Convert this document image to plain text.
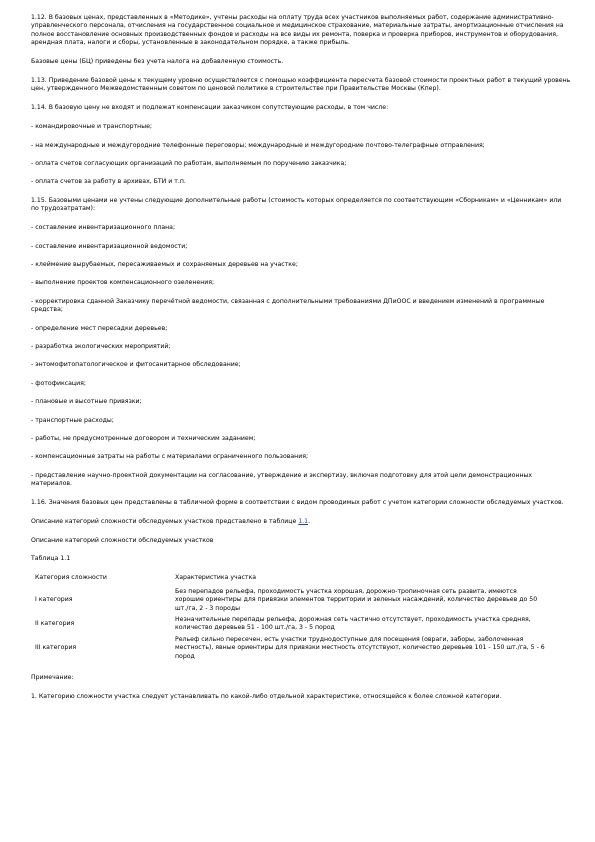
1.12. В базовых ценах, представленных в «Методике», учтены расходы на оплату труда всех участников выполняемых работ, содержание административно-управленческого персонала, отчисления на государственное социальное и медицинское страхование, материальные затраты, амортизационные отчисления на полное восстановление основных производственных фондов и расходы на все виды их ремонта, поверка и проверка приборов, инструментов и оборудования, арендная плата, налоги и сборы, установленные в законодательном порядке, а также прибыль.

Базовые цены (БЦ) приведены без учета налога на добавленную стоимость.

1.13. Приведение базовой цены к текущему уровню осуществляется с помощью коэффициента пересчета базовой стоимости проектных работ в текущий уровень цен, утвержденного Межведомственным советом по ценовой политике в строительстве при Правительстве Москвы (Кпер).

1.14. В базовую цену не входят и подлежат компенсации заказчиком сопутствующие расходы, в том числе:

- командировочные и транспортные;

- на международные и междугородние телефонные переговоры; международные и междугородние почтово-телеграфные отправления;

- оплата счетов согласующих организаций по работам, выполняемым по поручению заказчика;

- оплата счетов за работу в архивах, БТИ и т.п.

1.15. Базовыми ценами не учтены следующие дополнительные работы (стоимость которых определяется по соответствующим «Сборникам» и «Ценникам» или по трудозатратам):

- составление инвентаризационного плана;

- составление инвентаризационной ведомости;

- клеймение вырубаемых, пересаживаемых и сохраняемых деревьев на участке;

- выполнение проектов компенсационного озеленения;

- корректировка сданной Заказчику перечётной ведомости, связанная с дополнительными требованиями ДПиООС и введением изменений в программные средства;

- определение мест пересадки деревьев;

- разработка экологических мероприятий;

- энтомофитопатологическое и фитосанитарное обследование;

- фотофиксация;

- плановые и высотные привязки;

- транспортные расходы;

- работы, не предусмотренные договором и техническим заданием;

- компенсационные затраты на работы с материалами ограниченного пользования;

- представление научно-проектной документации на согласование, утверждение и экспертизу, включая подготовку для этой цели демонстрационных материалов.

1.16. Значения базовых цен представлены в табличной форме в соответствии с видом проводимых работ с учетом категории сложности обследуемых участков.

Описание категорий сложности обследуемых участков представлено в таблице 1.1.

Описание категорий сложности обследуемых участков

Таблица 1.1

Категория сложности	Характеристика участка
I категория	Без перепадов рельефа, проходимость участка хорошая, дорожно-тропиночная сеть развита, имеются хорошие ориентиры для привязки элементов территории и зеленых насаждений, количество деревьев до 50 шт./га, 2 - 3 породы
II категория	Незначительные перепады рельефа, дорожная сеть частично отсутствует, проходимость участка средняя, количество деревьев 51 - 100 шт./га, 3 - 5 пород
III категория	Рельеф сильно пересечен, есть участки труднодоступные для посещения (овраги, заборы, заболоченная местность), явные ориентиры для привязки местность отсутствуют, количество деревьев 101 - 150 шт./га, 5 - 6 пород

Примечание:

1. Категорию сложности участка следует устанавливать по какой-либо отдельной характеристике, относящейся к более сложной категории.
